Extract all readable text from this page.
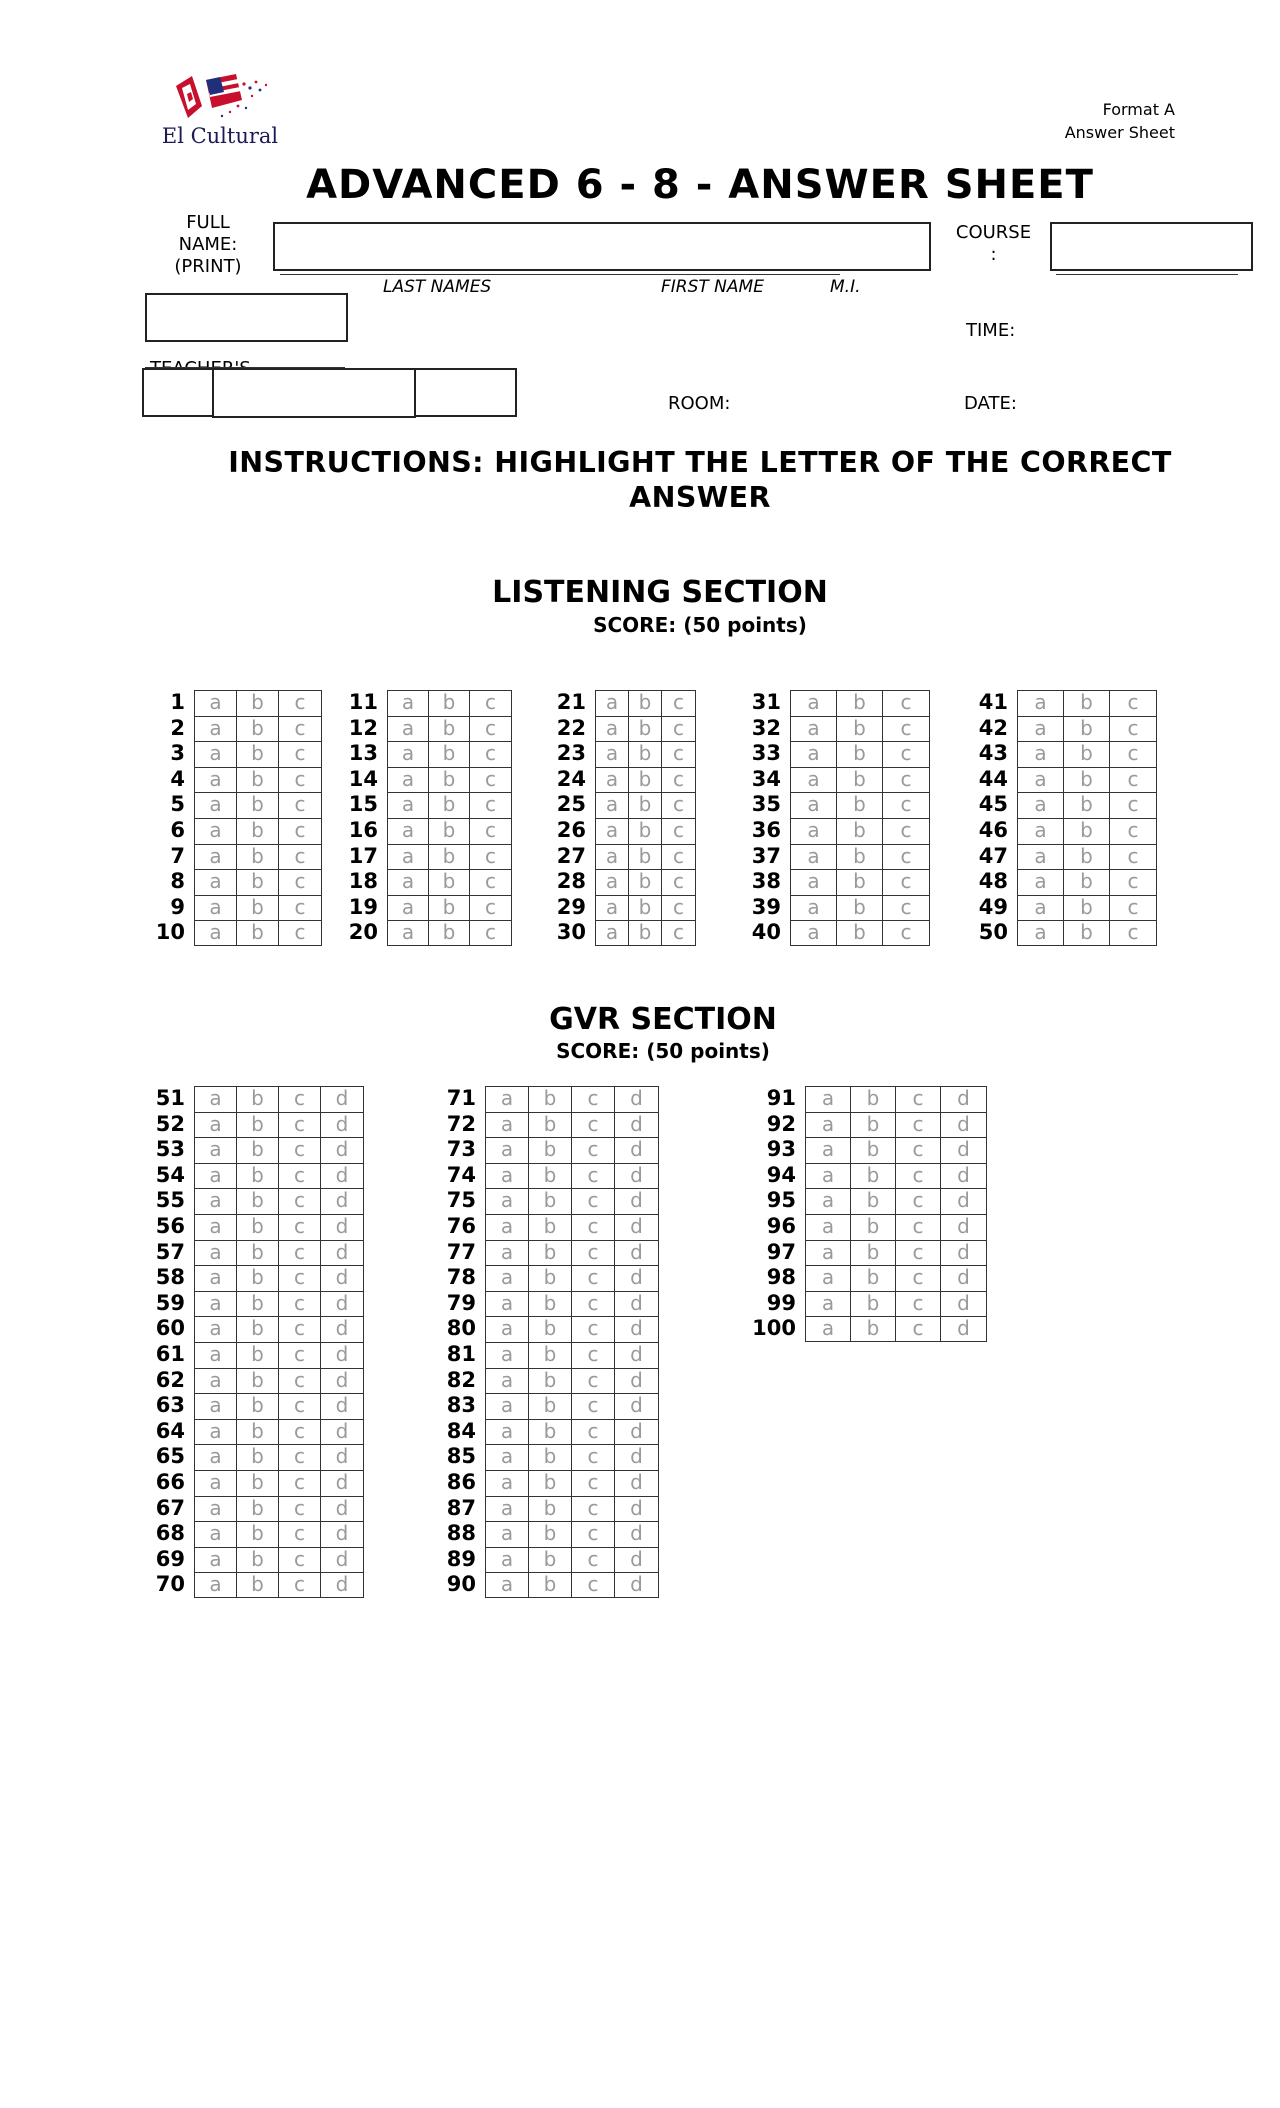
El Cultural
Format A
Answer Sheet
ADVANCED 6 - 8 - ANSWER SHEET
FULL
NAME:
(PRINT)
LAST NAMES	FIRST NAME	M.I.
COURSE
:
TIME:
ROOM:	DATE:
INSTRUCTIONS: HIGHLIGHT THE LETTER OF THE CORRECT
ANSWER
LISTENING SECTION
SCORE: (50 points)
1	a	b	c
2	a	b	c
3	a	b	c
4	a	b	c
5	a	b	c
6	a	b	c
7	a	b	c
8	a	b	c
9	a	b	c
10	a	b	c
11	a	b	c
12	a	b	c
13	a	b	c
14	a	b	c
15	a	b	c
16	a	b	c
17	a	b	c
18	a	b	c
19	a	b	c
20	a	b	c
21 a	b	c
22 a	b	c
23 a	b	c
24 a	b	c
25 a	b	c
26 a	b	c
27 a	b	c
28 a	b	c
29 a	b	c
30 a	b	c
31	a	b	c
32	a	b	c
33	a	b	c
34	a	b	c
35	a	b	c
36	a	b	c
37	a	b	c
38	a	b	c
39	a	b	c
40	a	b	c
41	a	b	c
42	a	b	c
43	a	b	c
44	a	b	c
45	a	b	c
46	a	b	c
47	a	b	c
48	a	b	c
49	a	b	c
50	a	b	c
GVR SECTION
SCORE: (50 points)
51	a	b	c	d
52	a	b	c	d
53	a	b	c	d
54	a	b	c	d
55	a	b	c	d
56	a	b	c	d
57	a	b	c	d
58	a	b	c	d
59	a	b	c	d
60	a	b	c	d
61	a	b	c	d
62	a	b	c	d
63	a	b	c	d
64	a	b	c	d
65	a	b	c	d
66	a	b	c	d
67	a	b	c	d
68	a	b	c	d
69	a	b	c	d
70	a	b	c	d
71	a	b	c	d
72	a	b	c	d
73	a	b	c	d
74	a	b	c	d
75	a	b	c	d
76	a	b	c	d
77	a	b	c	d
78	a	b	c	d
79	a	b	c	d
80	a	b	c	d
81	a	b	c	d
82	a	b	c	d
83	a	b	c	d
84	a	b	c	d
85	a	b	c	d
86	a	b	c	d
87	a	b	c	d
88	a	b	c	d
89	a	b	c	d
90	a	b	c	d
91	a	b	c	d
92	a	b	c	d
93	a	b	c	d
94	a	b	c	d
95	a	b	c	d
96	a	b	c	d
97	a	b	c	d
98	a	b	c	d
99	a	b	c	d
100	a	b	c	d
